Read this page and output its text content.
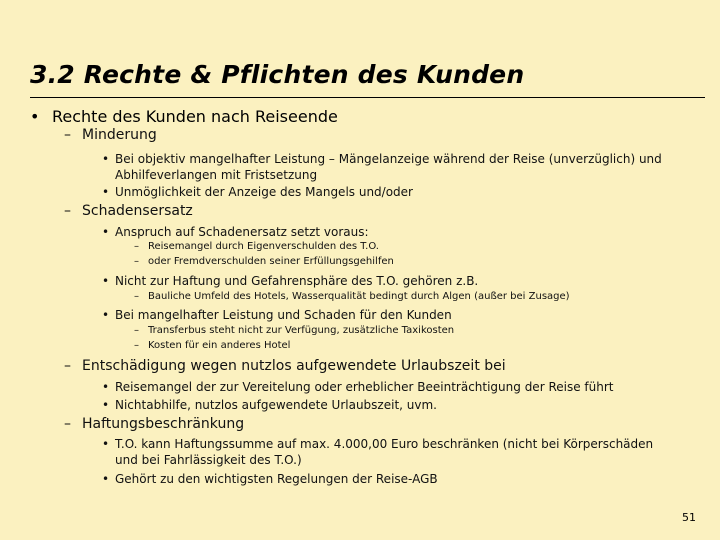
3.2 Rechte & Pflichten des Kunden
• Rechte des Kunden nach Reiseende
– Minderung
• Bei objektiv mangelhafter Leistung – Mängelanzeige während der Reise (unverzüglich) und
Abhilfeverlangen mit Fristsetzung
• Unmöglichkeit der Anzeige des Mangels und/oder
– Schadensersatz
• Anspruch auf Schadenersatz setzt voraus:
– Reisemangel durch Eigenverschulden des T.O.
– oder Fremdverschulden seiner Erfüllungsgehilfen
• Nicht zur Haftung und Gefahrensphäre des T.O. gehören z.B.
– Bauliche Umfeld des Hotels, Wasserqualität bedingt durch Algen (außer bei Zusage)
• Bei mangelhafter Leistung und Schaden für den Kunden
– Transferbus steht nicht zur Verfügung, zusätzliche Taxikosten
– Kosten für ein anderes Hotel
– Entschädigung wegen nutzlos aufgewendete Urlaubszeit bei
• Reisemangel der zur Vereitelung oder erheblicher Beeinträchtigung der Reise führt
• Nichtabhilfe, nutzlos aufgewendete Urlaubszeit, uvm.
– Haftungsbeschränkung
• T.O. kann Haftungssumme auf max. 4.000,00 Euro beschränken (nicht bei Körperschäden
und bei Fahrlässigkeit des T.O.)
• Gehört zu den wichtigsten Regelungen der Reise-AGB
51
